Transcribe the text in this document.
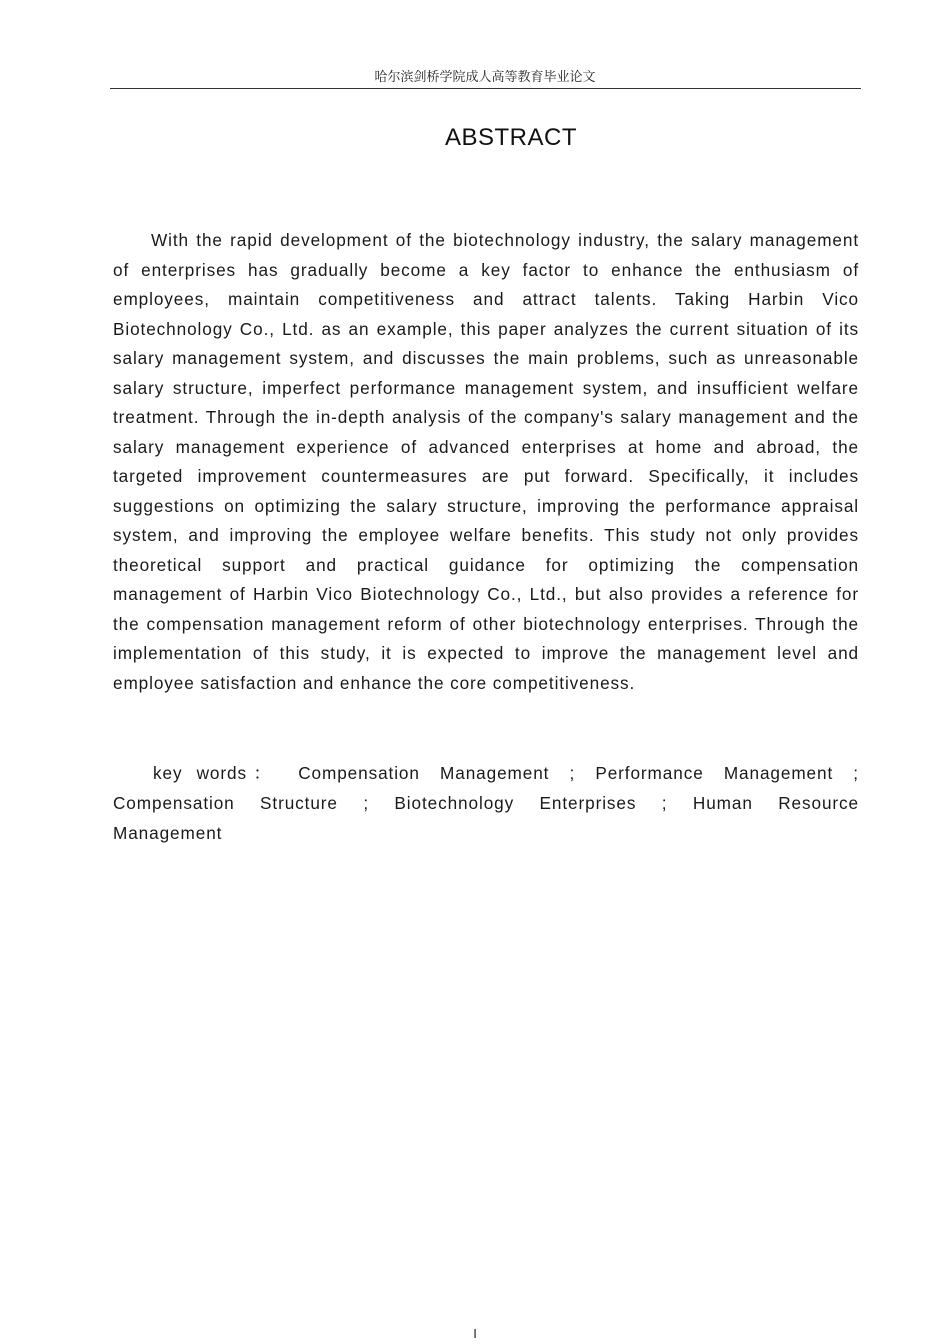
哈尔滨剑桥学院成人高等教育毕业论文
ABSTRACT

With the rapid development of the biotechnology industry, the salary management of enterprises has gradually become a key factor to enhance the enthusiasm of employees, maintain competitiveness and attract talents. Taking Harbin Vico Biotechnology Co., Ltd. as an example, this paper analyzes the current situation of its salary management system, and discusses the main problems, such as unreasonable salary structure, imperfect performance management system, and insufficient welfare treatment. Through the in-depth analysis of the company's salary management and the salary management experience of advanced enterprises at home and abroad, the targeted improvement countermeasures are put forward. Specifically, it includes suggestions on optimizing the salary structure, improving the performance appraisal system, and improving the employee welfare benefits. This study not only provides theoretical support and practical guidance for optimizing the compensation management of Harbin Vico Biotechnology Co., Ltd., but also provides a reference for the compensation management reform of other biotechnology enterprises. Through the implementation of this study, it is expected to improve the management level and employee satisfaction and enhance the core competitiveness.

key words： Compensation Management ; Performance Management ; Compensation Structure ; Biotechnology Enterprises ; Human Resource Management

I
